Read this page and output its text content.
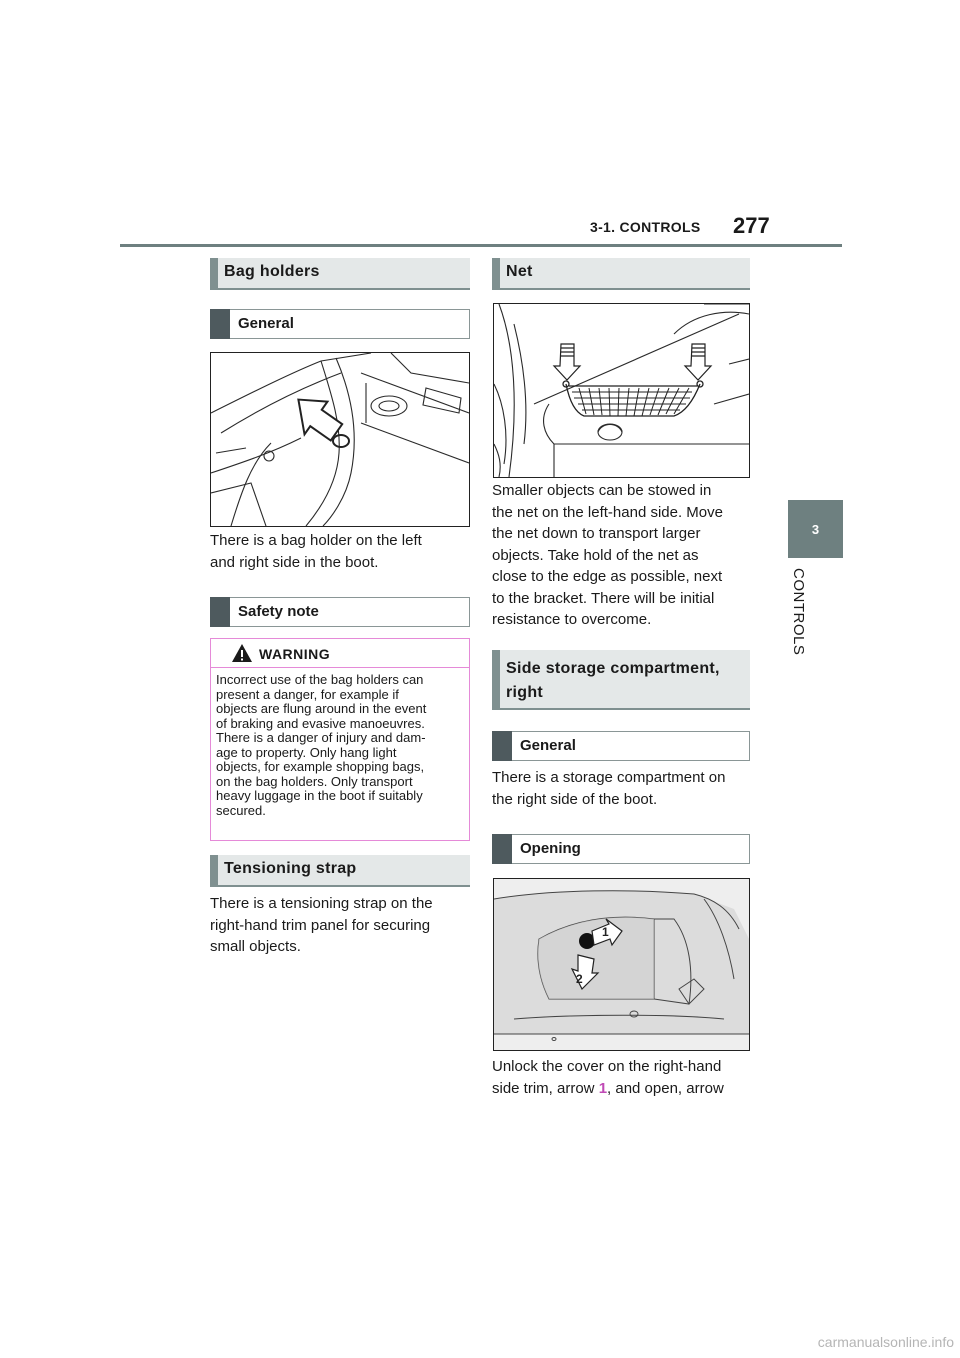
3-1. CONTROLS 277
3
CONTROLS
Bag holders
General
There is a bag holder on the left
and right side in the boot.
Safety note
WARNING
Incorrect use of the bag holders can
present a danger, for example if
objects are flung around in the event
of braking and evasive manoeuvres.
There is a danger of injury and dam-
age to property. Only hang light
objects, for example shopping bags,
on the bag holders. Only transport
heavy luggage in the boot if suitably
secured.
Tensioning strap
There is a tensioning strap on the
right-hand trim panel for securing
small objects.
Net
Smaller objects can be stowed in
the net on the left-hand side. Move
the net down to transport larger
objects. Take hold of the net as
close to the edge as possible, next
to the bracket. There will be initial
resistance to overcome.
Side storage compartment,
right
General
There is a storage compartment on
the right side of the boot.
Opening
1
2
Unlock the cover on the right-hand
side trim, arrow 1, and open, arrow
carmanualsonline.info
